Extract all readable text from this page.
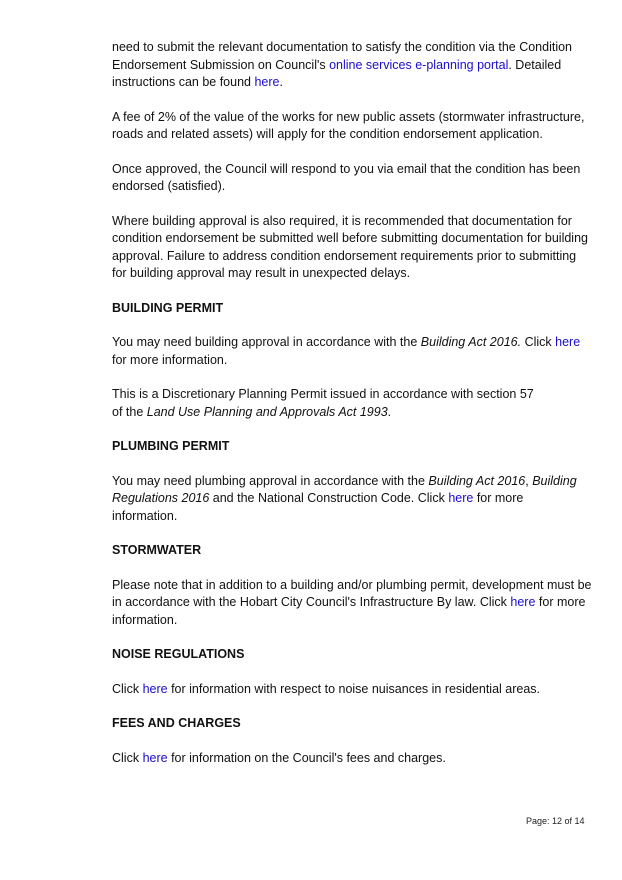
need to submit the relevant documentation to satisfy the condition via the Condition Endorsement Submission on Council's online services e-planning portal. Detailed instructions can be found here.

A fee of 2% of the value of the works for new public assets (stormwater infrastructure, roads and related assets) will apply for the condition endorsement application.

Once approved, the Council will respond to you via email that the condition has been endorsed (satisfied).

Where building approval is also required, it is recommended that documentation for condition endorsement be submitted well before submitting documentation for building approval. Failure to address condition endorsement requirements prior to submitting for building approval may result in unexpected delays.

BUILDING PERMIT

You may need building approval in accordance with the Building Act 2016. Click here for more information.

This is a Discretionary Planning Permit issued in accordance with section 57 of the Land Use Planning and Approvals Act 1993.

PLUMBING PERMIT

You may need plumbing approval in accordance with the Building Act 2016, Building Regulations 2016 and the National Construction Code. Click here for more information.

STORMWATER

Please note that in addition to a building and/or plumbing permit, development must be in accordance with the Hobart City Council's Infrastructure By law. Click here for more information.

NOISE REGULATIONS

Click here for information with respect to noise nuisances in residential areas.

FEES AND CHARGES

Click here for information on the Council's fees and charges.

Page: 12 of 14
